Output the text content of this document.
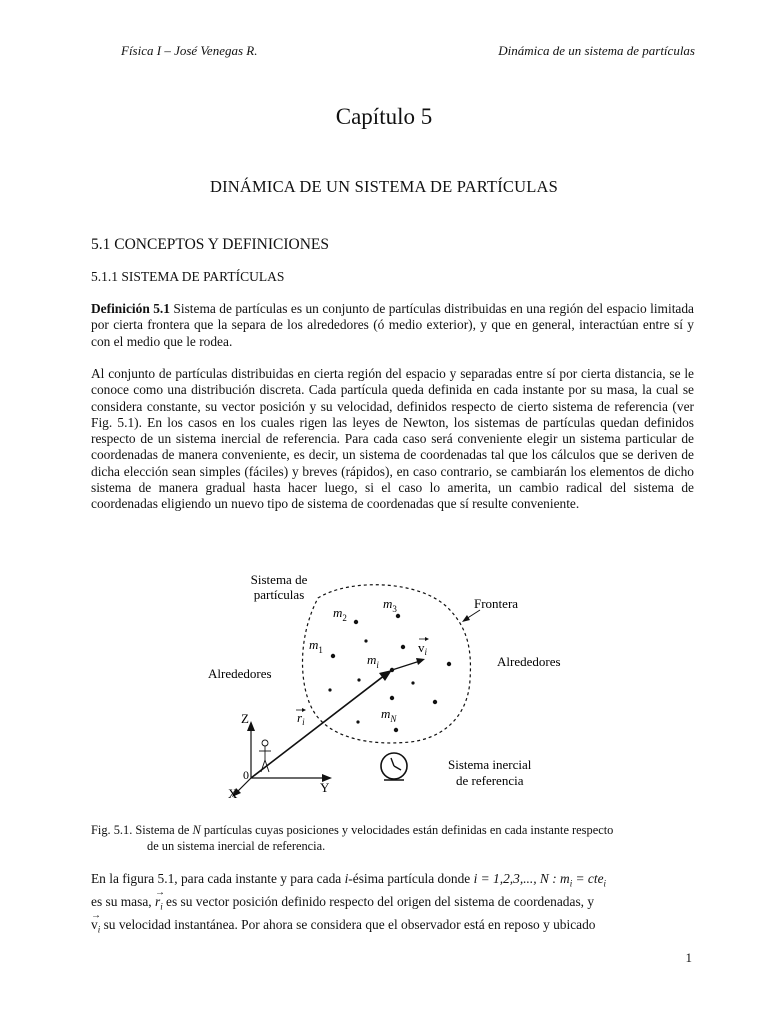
Física I – José Venegas R.	Dinámica de un sistema de partículas
Capítulo 5
DINÁMICA DE UN SISTEMA DE PARTÍCULAS
5.1 CONCEPTOS Y DEFINICIONES
5.1.1 SISTEMA DE PARTÍCULAS
Definición 5.1 Sistema de partículas es un conjunto de partículas distribuidas en una región del espacio limitada por cierta frontera que la separa de los alrededores (ó medio exterior), y que en general, interactúan entre sí y con el medio que le rodea.
Al conjunto de partículas distribuidas en cierta región del espacio y separadas entre sí por cierta distancia, se le conoce como una distribución discreta. Cada partícula queda definida en cada instante por su masa, la cual se considera constante, su vector posición y su velocidad, definidos respecto de cierto sistema de referencia (ver Fig. 5.1). En los casos en los cuales rigen las leyes de Newton, los sistemas de partículas quedan definidos respecto de un sistema inercial de referencia. Para cada caso será conveniente elegir un sistema particular de coordenadas de manera conveniente, es decir, un sistema de coordenadas tal que los cálculos que se deriven de dicha elección sean simples (fáciles) y breves (rápidos), en caso contrario, se cambiarán los elementos de dicho sistema de manera gradual hasta hacer luego, si el caso lo amerita, un cambio radical del sistema de coordenadas eligiendo un nuevo tipo de sistema de coordenadas que sí resulte conveniente.
Sistema de
partículas
Frontera
Alrededores
Alrededores
Sistema inercial
de referencia
$m_2$
$m_3$
$m_1$
$m_i$
$m_N$
$v_i$
$r_i$
Z
Y
X
0
Fig. 5.1. Sistema de N partículas cuyas posiciones y velocidades están definidas en cada instante respecto
de un sistema inercial de referencia.
En la figura 5.1, para cada instante y para cada i-ésima partícula donde i = 1,2,3,..., N : $m_i = cte_i$
es su masa,
→
$r_i$ es su vector posición definido respecto del origen del sistema de coordenadas, y
→
$v_i$ su velocidad instantánea. Por ahora se considera que el observador está en reposo y ubicado
1
